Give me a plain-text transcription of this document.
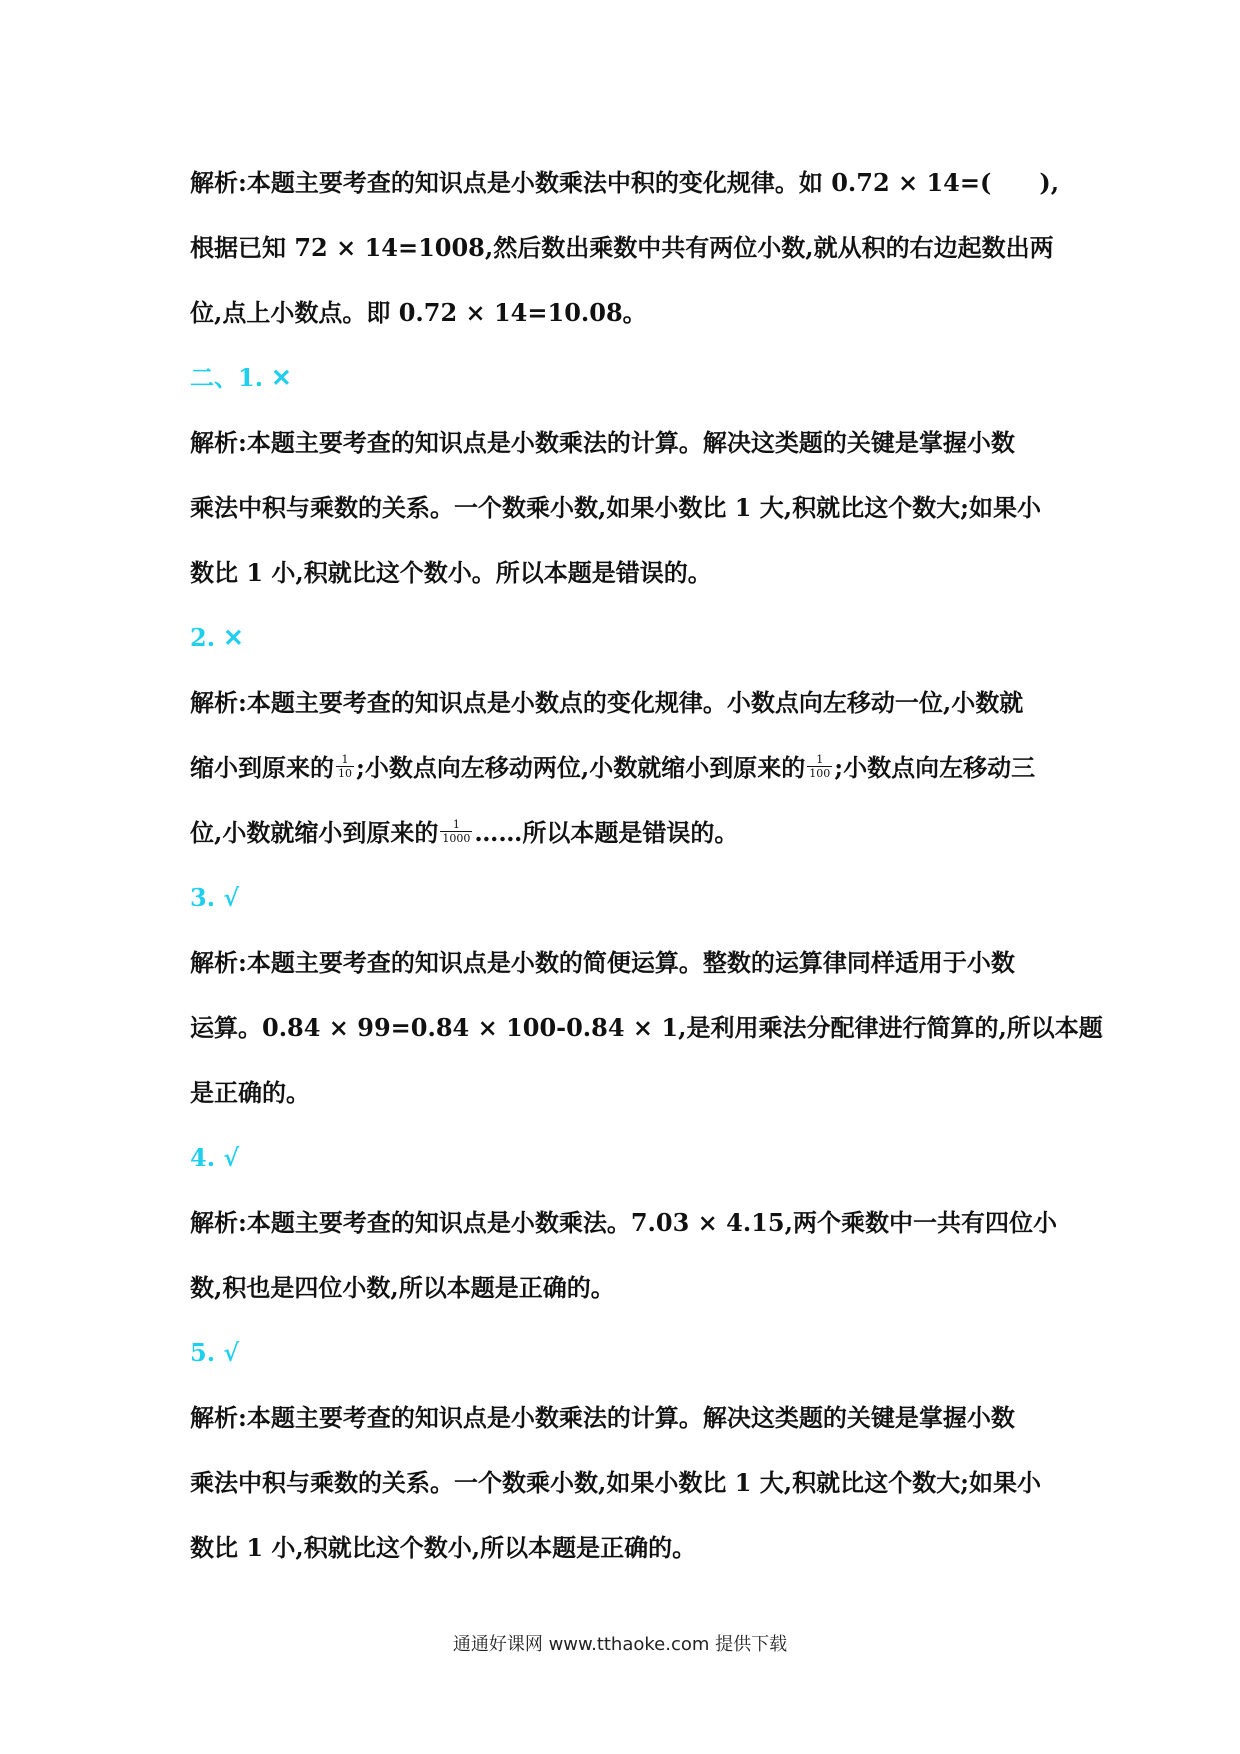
解析:本题主要考查的知识点是小数乘法中积的变化规律。如 0.72 × 14=(　　),
根据已知 72 × 14=1008,然后数出乘数中共有两位小数,就从积的右边起数出两
位,点上小数点。即 0.72 × 14=10.08。
二、1. ✕
解析:本题主要考查的知识点是小数乘法的计算。解决这类题的关键是掌握小数
乘法中积与乘数的关系。一个数乘小数,如果小数比 1 大,积就比这个数大;如果小
数比 1 小,积就比这个数小。所以本题是错误的。
2. ✕
解析:本题主要考查的知识点是小数点的变化规律。小数点向左移动一位,小数就
缩小到原来的 $\frac{1}{10}$ ;小数点向左移动两位,小数就缩小到原来的 $\frac{1}{100}$ ;小数点向左移动三
位,小数就缩小到原来的 $\frac{1}{1000}$ ……所以本题是错误的。
3. √
解析:本题主要考查的知识点是小数的简便运算。整数的运算律同样适用于小数
运算。0.84 × 99=0.84 × 100-0.84 × 1,是利用乘法分配律进行简算的,所以本题
是正确的。
4. √
解析:本题主要考查的知识点是小数乘法。7.03 × 4.15,两个乘数中一共有四位小
数,积也是四位小数,所以本题是正确的。
5. √
解析:本题主要考查的知识点是小数乘法的计算。解决这类题的关键是掌握小数
乘法中积与乘数的关系。一个数乘小数,如果小数比 1 大,积就比这个数大;如果小
数比 1 小,积就比这个数小,所以本题是正确的。
通通好课网 www.tthaoke.com 提供下载
